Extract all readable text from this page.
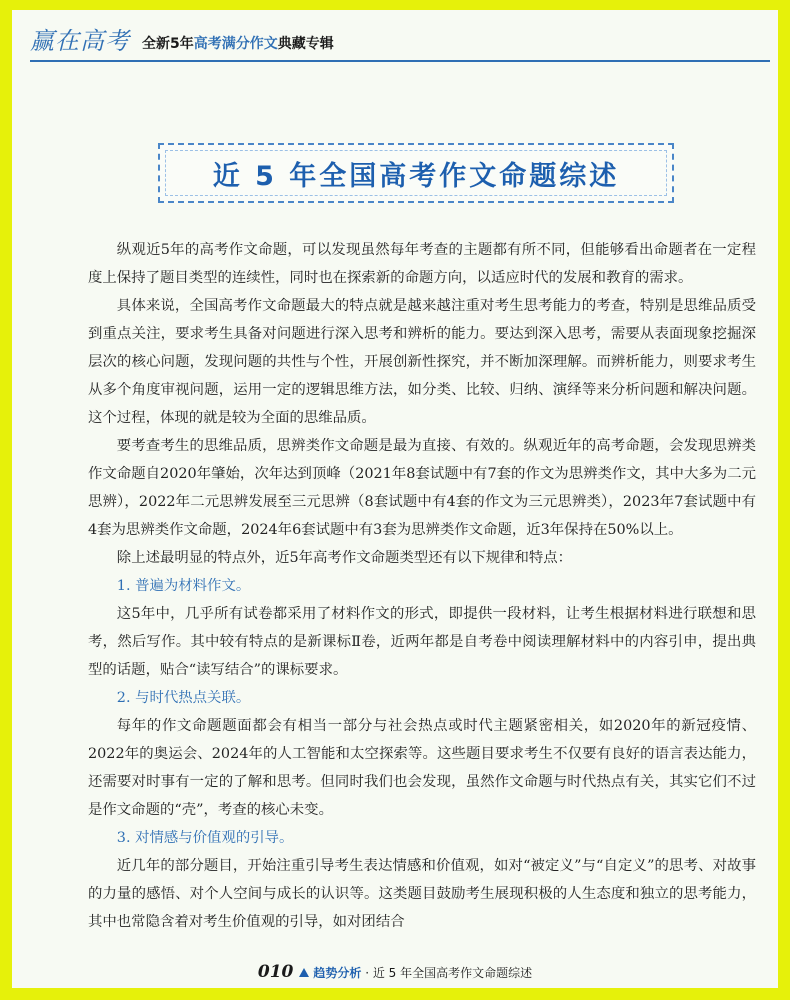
赢在高考 全新5年高考满分作文典藏专辑
近 5 年全国高考作文命题综述

纵观近5年的高考作文命题，可以发现虽然每年考查的主题都有所不同，但能够看出命题者在一定程度上保持了题目类型的连续性，同时也在探索新的命题方向，以适应时代的发展和教育的需求。

具体来说，全国高考作文命题最大的特点就是越来越注重对考生思考能力的考查，特别是思维品质受到重点关注，要求考生具备对问题进行深入思考和辨析的能力。要达到深入思考，需要从表面现象挖掘深层次的核心问题，发现问题的共性与个性，开展创新性探究，并不断加深理解。而辨析能力，则要求考生从多个角度审视问题，运用一定的逻辑思维方法，如分类、比较、归纳、演绎等来分析问题和解决问题。这个过程，体现的就是较为全面的思维品质。

要考查考生的思维品质，思辨类作文命题是最为直接、有效的。纵观近年的高考命题，会发现思辨类作文命题自2020年肇始，次年达到顶峰（2021年8套试题中有7套的作文为思辨类作文，其中大多为二元思辨），2022年二元思辨发展至三元思辨（8套试题中有4套的作文为三元思辨类），2023年7套试题中有4套为思辨类作文命题，2024年6套试题中有3套为思辨类作文命题，近3年保持在50%以上。

除上述最明显的特点外，近5年高考作文命题类型还有以下规律和特点：

1. 普遍为材料作文。

这5年中，几乎所有试卷都采用了材料作文的形式，即提供一段材料，让考生根据材料进行联想和思考，然后写作。其中较有特点的是新课标Ⅱ卷，近两年都是自考卷中阅读理解材料中的内容引申，提出典型的话题，贴合“读写结合”的课标要求。

2. 与时代热点关联。

每年的作文命题题面都会有相当一部分与社会热点或时代主题紧密相关，如2020年的新冠疫情、2022年的奥运会、2024年的人工智能和太空探索等。这些题目要求考生不仅要有良好的语言表达能力，还需要对时事有一定的了解和思考。但同时我们也会发现，虽然作文命题与时代热点有关，其实它们不过是作文命题的“壳”，考查的核心未变。

3. 对情感与价值观的引导。

近几年的部分题目，开始注重引导考生表达情感和价值观，如对“被定义”与“自定义”的思考、对故事的力量的感悟、对个人空间与成长的认识等。这类题目鼓励考生展现积极的人生态度和独立的思考能力，其中也常隐含着对考生价值观的引导，如对团结合

010 趋势分析 · 近 5 年全国高考作文命题综述
